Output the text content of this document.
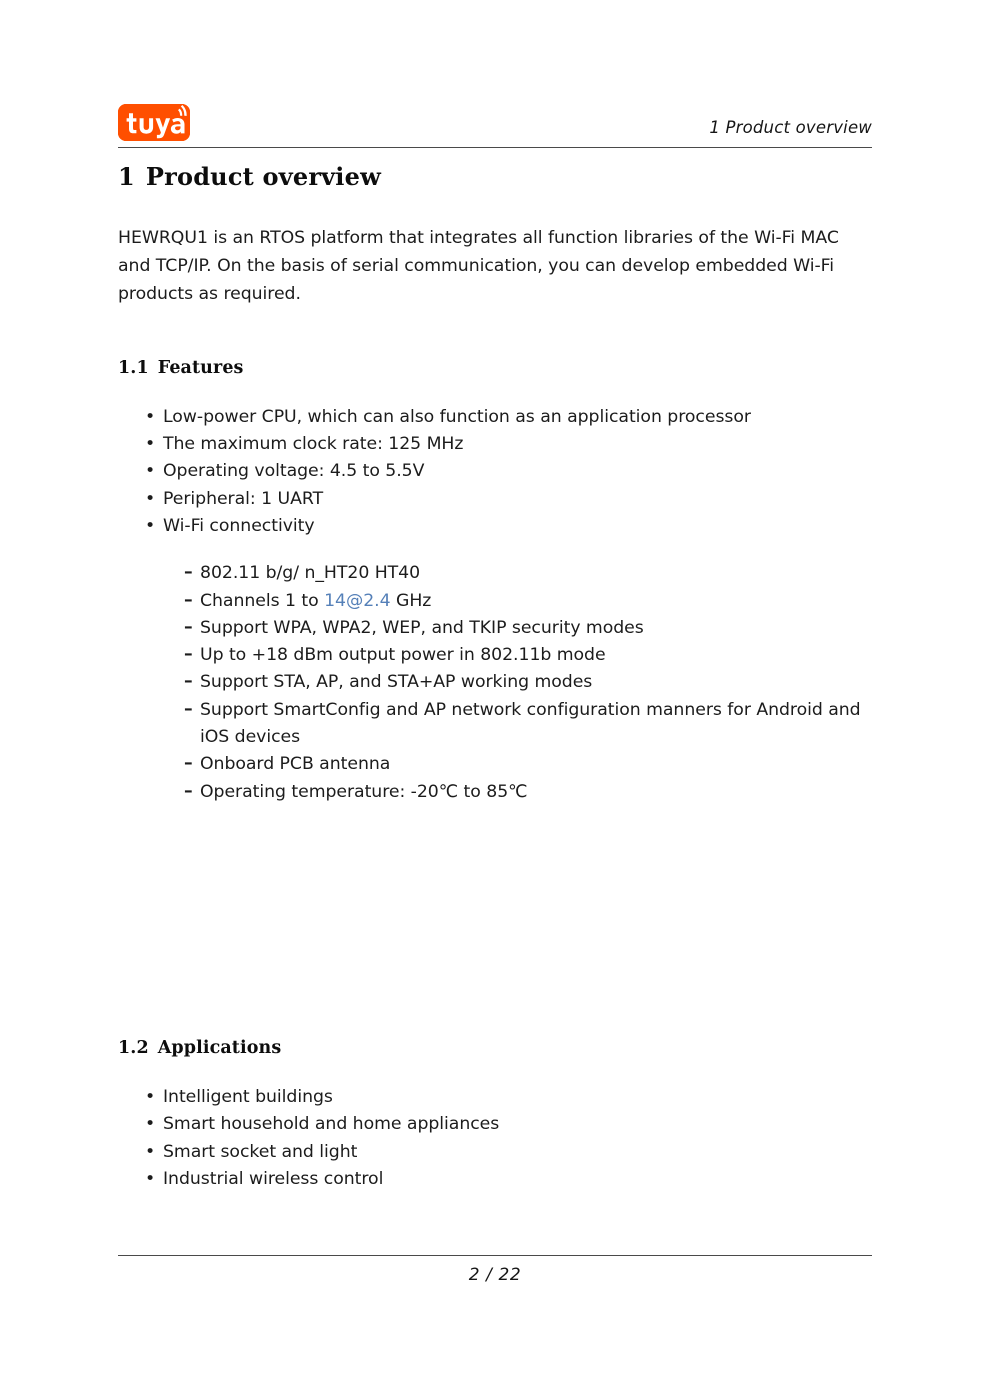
1 Product overview
1 Product overview

HEWRQU1 is an RTOS platform that integrates all function libraries of the Wi-Fi MAC and TCP/IP. On the basis of serial communication, you can develop embedded Wi-Fi products as required.

1.1 Features
• Low-power CPU, which can also function as an application processor
• The maximum clock rate: 125 MHz
• Operating voltage: 4.5 to 5.5V
• Peripheral: 1 UART
• Wi-Fi connectivity
– 802.11 b/g/ n_HT20 HT40
– Channels 1 to 14@2.4 GHz
– Support WPA, WPA2, WEP, and TKIP security modes
– Up to +18 dBm output power in 802.11b mode
– Support STA, AP, and STA+AP working modes
– Support SmartConfig and AP network configuration manners for Android and iOS devices
– Onboard PCB antenna
– Operating temperature: -20℃ to 85℃
1.2 Applications
• Intelligent buildings
• Smart household and home appliances
• Smart socket and light
• Industrial wireless control
2 / 22
